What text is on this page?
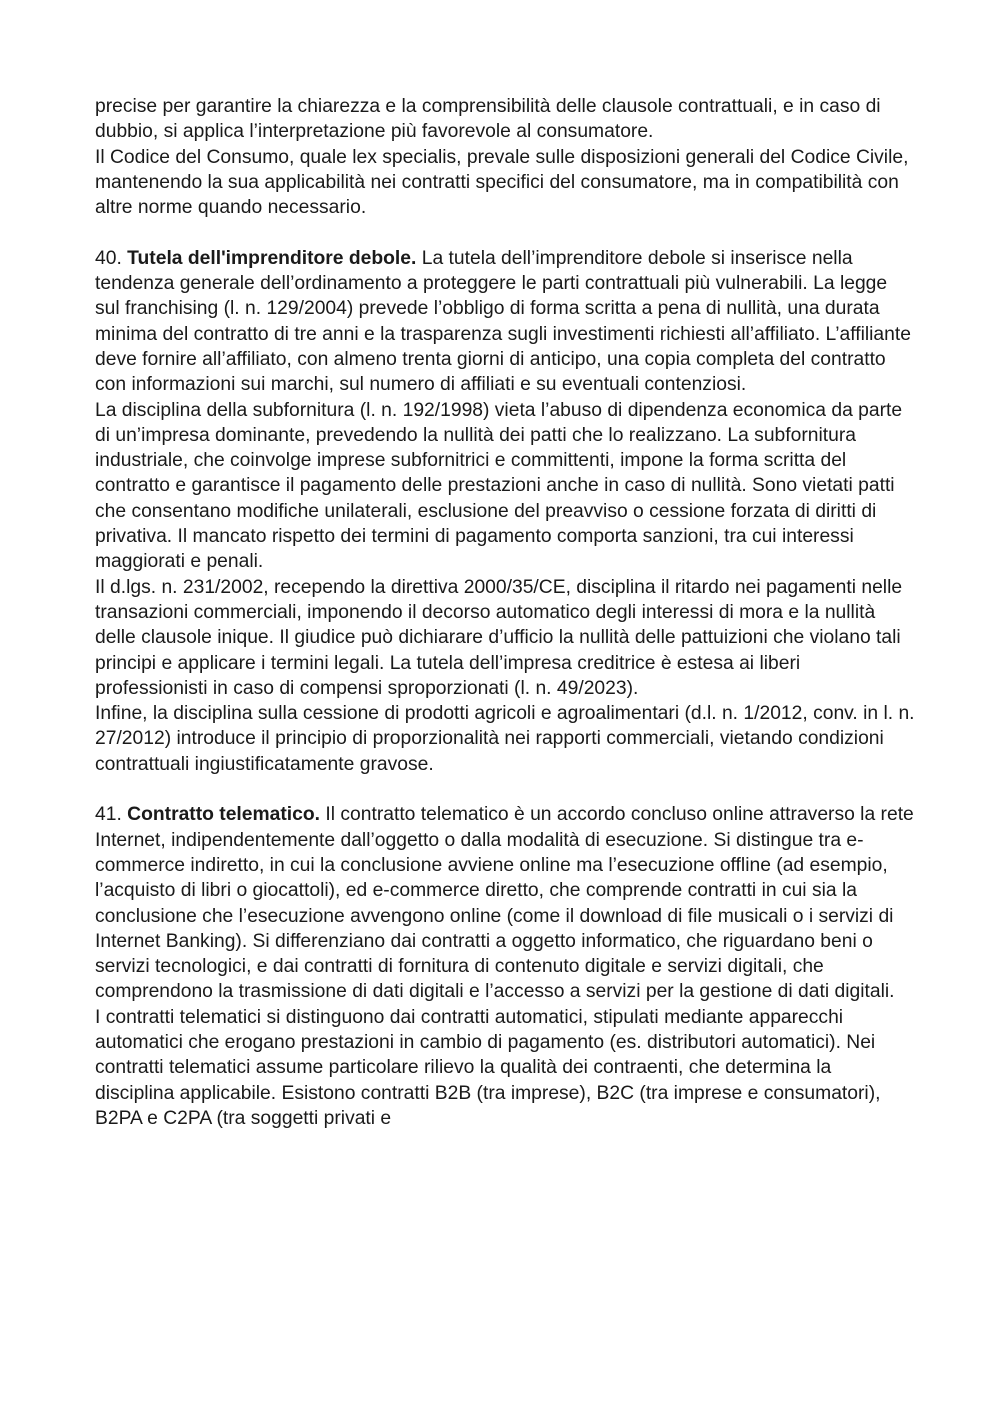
precise per garantire la chiarezza e la comprensibilità delle clausole contrattuali, e in caso di dubbio, si applica l’interpretazione più favorevole al consumatore.

Il Codice del Consumo, quale lex specialis, prevale sulle disposizioni generali del Codice Civile, mantenendo la sua applicabilità nei contratti specifici del consumatore, ma in compatibilità con altre norme quando necessario.

40. Tutela dell'imprenditore debole. La tutela dell’imprenditore debole si inserisce nella tendenza generale dell’ordinamento a proteggere le parti contrattuali più vulnerabili. La legge sul franchising (l. n. 129/2004) prevede l’obbligo di forma scritta a pena di nullità, una durata minima del contratto di tre anni e la trasparenza sugli investimenti richiesti all’affiliato. L’affiliante deve fornire all’affiliato, con almeno trenta giorni di anticipo, una copia completa del contratto con informazioni sui marchi, sul numero di affiliati e su eventuali contenziosi.

La disciplina della subfornitura (l. n. 192/1998) vieta l’abuso di dipendenza economica da parte di un’impresa dominante, prevedendo la nullità dei patti che lo realizzano. La subfornitura industriale, che coinvolge imprese subfornitrici e committenti, impone la forma scritta del contratto e garantisce il pagamento delle prestazioni anche in caso di nullità. Sono vietati patti che consentano modifiche unilaterali, esclusione del preavviso o cessione forzata di diritti di privativa. Il mancato rispetto dei termini di pagamento comporta sanzioni, tra cui interessi maggiorati e penali.

Il d.lgs. n. 231/2002, recependo la direttiva 2000/35/CE, disciplina il ritardo nei pagamenti nelle transazioni commerciali, imponendo il decorso automatico degli interessi di mora e la nullità delle clausole inique. Il giudice può dichiarare d’ufficio la nullità delle pattuizioni che violano tali principi e applicare i termini legali. La tutela dell’impresa creditrice è estesa ai liberi professionisti in caso di compensi sproporzionati (l. n. 49/2023).

Infine, la disciplina sulla cessione di prodotti agricoli e agroalimentari (d.l. n. 1/2012, conv. in l. n. 27/2012) introduce il principio di proporzionalità nei rapporti commerciali, vietando condizioni contrattuali ingiustificatamente gravose.

41. Contratto telematico. Il contratto telematico è un accordo concluso online attraverso la rete Internet, indipendentemente dall’oggetto o dalla modalità di esecuzione. Si distingue tra e-commerce indiretto, in cui la conclusione avviene online ma l’esecuzione offline (ad esempio, l’acquisto di libri o giocattoli), ed e-commerce diretto, che comprende contratti in cui sia la conclusione che l’esecuzione avvengono online (come il download di file musicali o i servizi di Internet Banking). Si differenziano dai contratti a oggetto informatico, che riguardano beni o servizi tecnologici, e dai contratti di fornitura di contenuto digitale e servizi digitali, che comprendono la trasmissione di dati digitali e l’accesso a servizi per la gestione di dati digitali.

I contratti telematici si distinguono dai contratti automatici, stipulati mediante apparecchi automatici che erogano prestazioni in cambio di pagamento (es. distributori automatici). Nei contratti telematici assume particolare rilievo la qualità dei contraenti, che determina la disciplina applicabile. Esistono contratti B2B (tra imprese), B2C (tra imprese e consumatori), B2PA e C2PA (tra soggetti privati e
